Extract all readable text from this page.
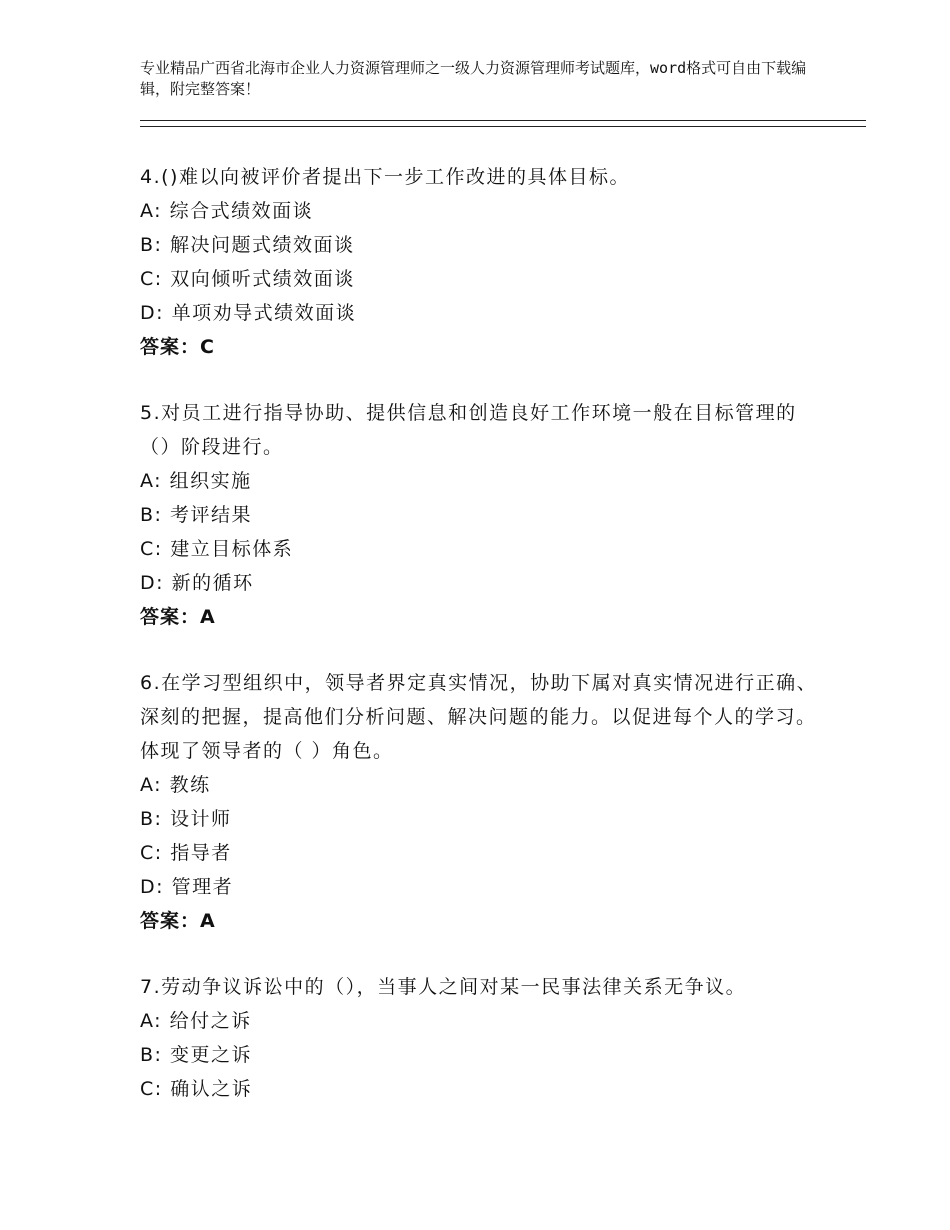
专业精品广西省北海市企业人力资源管理师之一级人力资源管理师考试题库，word格式可自由下载编辑，附完整答案！

4.()难以向被评价者提出下一步工作改进的具体目标。

A: 综合式绩效面谈

B: 解决问题式绩效面谈

C: 双向倾听式绩效面谈

D: 单项劝导式绩效面谈

答案：C

5.对员工进行指导协助、提供信息和创造良好工作环境一般在目标管理的（）阶段进行。

A: 组织实施

B: 考评结果

C: 建立目标体系

D: 新的循环

答案：A

6.在学习型组织中，领导者界定真实情况，协助下属对真实情况进行正确、深刻的把握，提高他们分析问题、解决问题的能力。以促进每个人的学习。体现了领导者的（ ）角色。

A: 教练

B: 设计师

C: 指导者

D: 管理者

答案：A

7.劳动争议诉讼中的（），当事人之间对某一民事法律关系无争议。

A: 给付之诉

B: 变更之诉

C: 确认之诉
